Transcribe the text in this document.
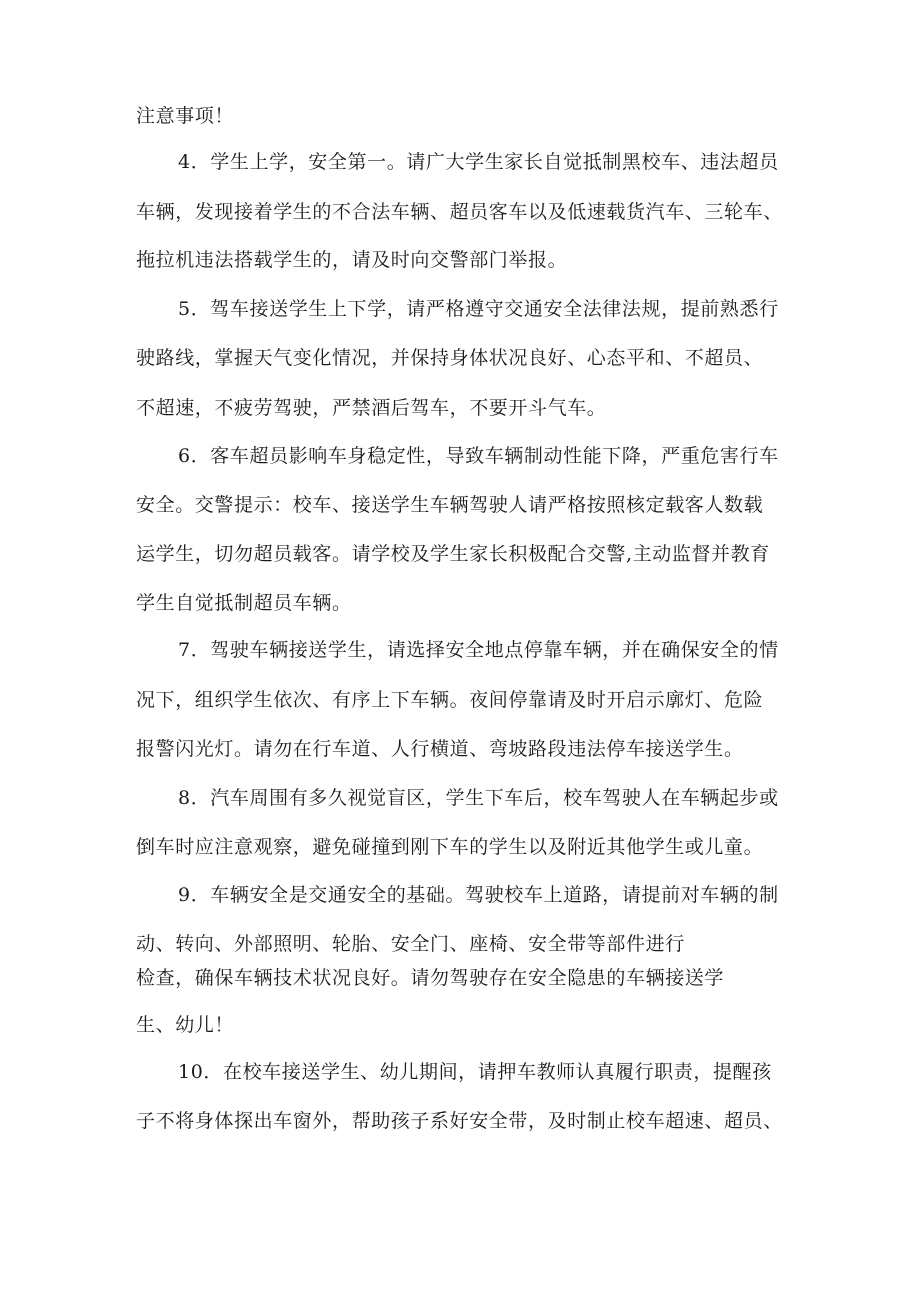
注意事项！
4．学生上学，安全第一。请广大学生家长自觉抵制黑校车、违法超员
车辆，发现接着学生的不合法车辆、超员客车以及低速载货汽车、三轮车、
拖拉机违法搭载学生的，请及时向交警部门举报。
5．驾车接送学生上下学，请严格遵守交通安全法律法规，提前熟悉行
驶路线，掌握天气变化情况，并保持身体状况良好、心态平和、不超员、
不超速，不疲劳驾驶，严禁酒后驾车，不要开斗气车。
6．客车超员影响车身稳定性，导致车辆制动性能下降，严重危害行车
安全。交警提示：校车、接送学生车辆驾驶人请严格按照核定载客人数载
运学生，切勿超员载客。请学校及学生家长积极配合交警,主动监督并教育
学生自觉抵制超员车辆。
7．驾驶车辆接送学生，请选择安全地点停靠车辆，并在确保安全的情
况下，组织学生依次、有序上下车辆。夜间停靠请及时开启示廓灯、危险
报警闪光灯。请勿在行车道、人行横道、弯坡路段违法停车接送学生。
8．汽车周围有多久视觉盲区，学生下车后，校车驾驶人在车辆起步或
倒车时应注意观察，避免碰撞到刚下车的学生以及附近其他学生或儿童。
9．车辆安全是交通安全的基础。驾驶校车上道路，请提前对车辆的制
动、转向、外部照明、轮胎、安全门、座椅、安全带等部件进行
检查，确保车辆技术状况良好。请勿驾驶存在安全隐患的车辆接送学
生、幼儿！
10．在校车接送学生、幼儿期间，请押车教师认真履行职责，提醒孩
子不将身体探出车窗外，帮助孩子系好安全带，及时制止校车超速、超员、
